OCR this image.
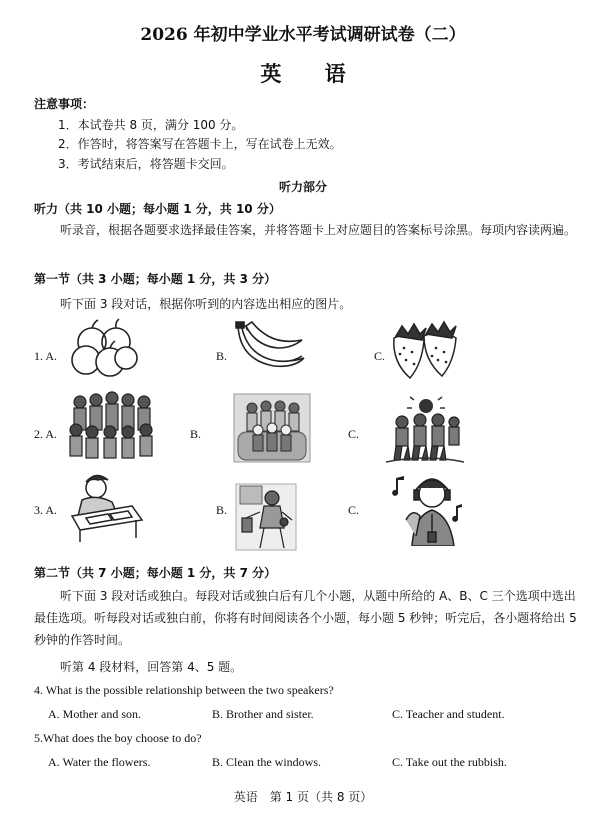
2026 年初中学业水平考试调研试卷（二）
英 语
注意事项：
1．本试卷共 8 页，满分 100 分。
2．作答时，将答案写在答题卡上，写在试卷上无效。
3．考试结束后，将答题卡交回。
听力部分
听力（共 10 小题；每小题 1 分，共 10 分）
听录音，根据各题要求选择最佳答案，并将答题卡上对应题目的答案标号涂黑。每项内容读两遍。
第一节（共 3 小题；每小题 1 分，共 3 分）
听下面 3 段对话，根据你听到的内容选出相应的图片。
1. A.	B.	C.
2. A.	B.	C.
3. A.	B.	C.
第二节（共 7 小题；每小题 1 分，共 7 分）
听下面 3 段对话或独白。每段对话或独白后有几个小题，从题中所给的 A、B、C 三个选项中选出最佳选项。听每段对话或独白前，你将有时间阅读各个小题，每小题 5 秒钟；听完后，各小题将给出 5 秒钟的作答时间。
听第 4 段材料，回答第 4、5 题。
4. What is the possible relationship between the two speakers?
A. Mother and son.	B. Brother and sister.	C. Teacher and student.
5.What does the boy choose to do?
A. Water the flowers.	B. Clean the windows.	C. Take out the rubbish.
英语　第 1 页（共 8 页）
